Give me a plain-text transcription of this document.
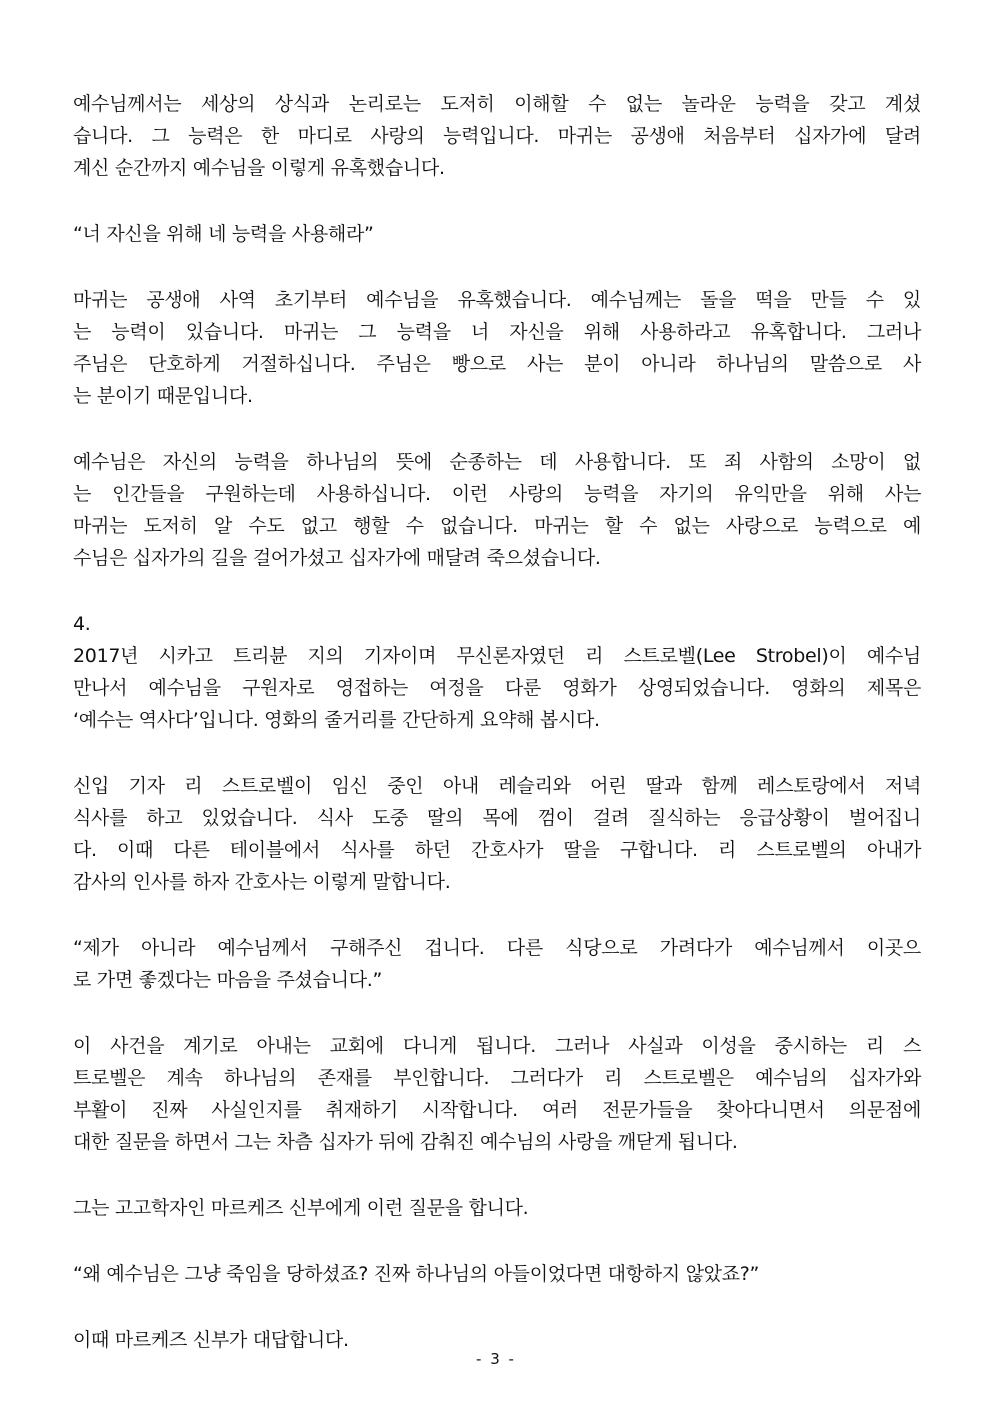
예수님께서는 세상의 상식과 논리로는 도저히 이해할 수 없는 놀라운 능력을 갖고 계셨
습니다. 그 능력은 한 마디로 사랑의 능력입니다. 마귀는 공생애 처음부터 십자가에 달려
계신 순간까지 예수님을 이렇게 유혹했습니다.
“너 자신을 위해 네 능력을 사용해라”
마귀는 공생애 사역 초기부터 예수님을 유혹했습니다. 예수님께는 돌을 떡을 만들 수 있
는 능력이 있습니다. 마귀는 그 능력을 너 자신을 위해 사용하라고 유혹합니다. 그러나
주님은 단호하게 거절하십니다. 주님은 빵으로 사는 분이 아니라 하나님의 말씀으로 사
는 분이기 때문입니다.
예수님은 자신의 능력을 하나님의 뜻에 순종하는 데 사용합니다. 또 죄 사함의 소망이 없
는 인간들을 구원하는데 사용하십니다. 이런 사랑의 능력을 자기의 유익만을 위해 사는
마귀는 도저히 알 수도 없고 행할 수 없습니다. 마귀는 할 수 없는 사랑으로 능력으로 예
수님은 십자가의 길을 걸어가셨고 십자가에 매달려 죽으셨습니다.
4.
2017년 시카고 트리뷴 지의 기자이며 무신론자였던 리 스트로벨(Lee Strobel)이 예수님
만나서 예수님을 구원자로 영접하는 여정을 다룬 영화가 상영되었습니다. 영화의 제목은
‘예수는 역사다’입니다. 영화의 줄거리를 간단하게 요약해 봅시다.
신입 기자 리 스트로벨이 임신 중인 아내 레슬리와 어린 딸과 함께 레스토랑에서 저녁
식사를 하고 있었습니다. 식사 도중 딸의 목에 껌이 걸려 질식하는 응급상황이 벌어집니
다. 이때 다른 테이블에서 식사를 하던 간호사가 딸을 구합니다. 리 스트로벨의 아내가
감사의 인사를 하자 간호사는 이렇게 말합니다.
“제가 아니라 예수님께서 구해주신 겁니다. 다른 식당으로 가려다가 예수님께서 이곳으
로 가면 좋겠다는 마음을 주셨습니다.”
이 사건을 계기로 아내는 교회에 다니게 됩니다. 그러나 사실과 이성을 중시하는 리 스
트로벨은 계속 하나님의 존재를 부인합니다. 그러다가 리 스트로벨은 예수님의 십자가와
부활이 진짜 사실인지를 취재하기 시작합니다. 여러 전문가들을 찾아다니면서 의문점에
대한 질문을 하면서 그는 차츰 십자가 뒤에 감춰진 예수님의 사랑을 깨닫게 됩니다.
그는 고고학자인 마르케즈 신부에게 이런 질문을 합니다.
“왜 예수님은 그냥 죽임을 당하셨죠? 진짜 하나님의 아들이었다면 대항하지 않았죠?”
이때 마르케즈 신부가 대답합니다.
- 3 -
